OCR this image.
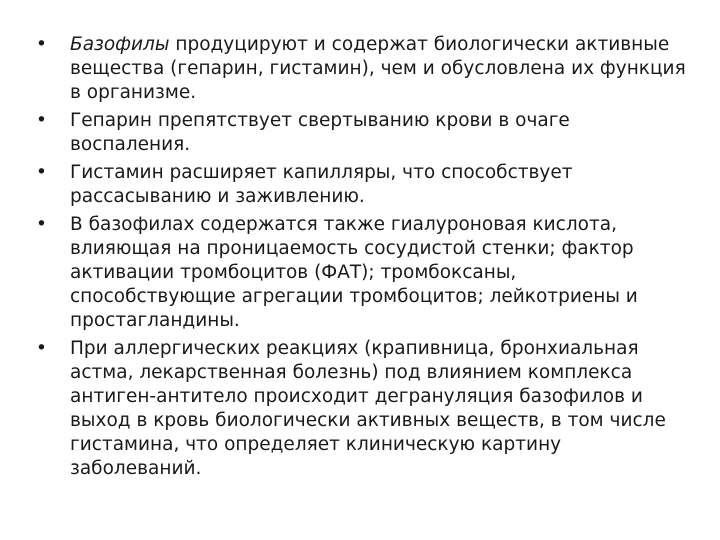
•	Базофилы продуцируют и содержат биологически активные вещества (гепарин, гистамин), чем и обусловлена их функция в организме.
•	Гепарин препятствует свертыванию крови в очаге воспаления.
•	Гистамин расширяет капилляры, что способствует рассасыванию и заживлению.
•	В базофилах содержатся также гиалуроновая кислота, влияющая на проницаемость сосудистой стенки; фактор активации тромбоцитов (ФАТ); тромбоксаны, способствующие агрегации тромбоцитов; лейкотриены и простагландины.
•	При аллергических реакциях (крапивница, бронхиальная астма, лекарственная болезнь) под влиянием комплекса антиген-антитело происходит дегрануляция базофилов и выход в кровь биологически активных веществ, в том числе гистамина, что определяет клиническую картину заболеваний.
